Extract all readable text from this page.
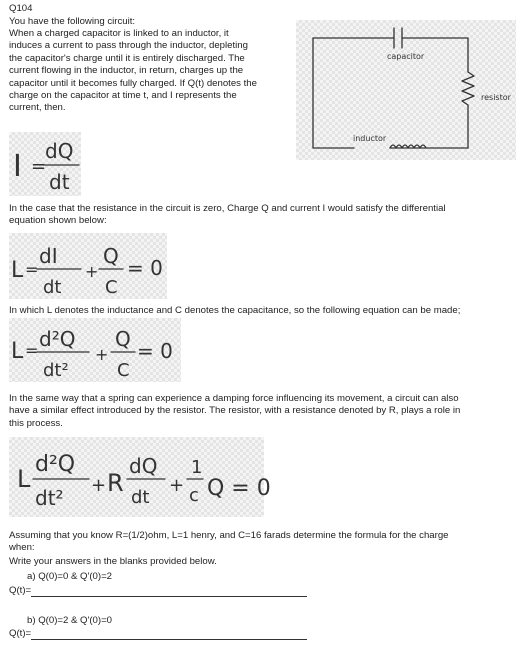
Q104
You have the following circuit:

When a charged capacitor is linked to an inductor, it

induces a current to pass through the inductor, depleting

the capacitor's charge until it is entirely discharged. The

current flowing in the inductor, in return, charges up the

capacitor until it becomes fully charged. If Q(t) denotes the

charge on the capacitor at time t, and I represents the

current, then.

capacitor
resistor
inductor
I =
dQ
dt

In the case that the resistance in the circuit is zero, Charge Q and current I would satisfy the differential

equation shown below:

L =
dI
dt
+
Q
C
= 0
In which L denotes the inductance and C denotes the capacitance, so the following equation can be made;
L = d²Q
dt²
+
Q
C
= 0

In the same way that a spring can experience a damping force influencing its movement, a circuit can also

have a similar effect introduced by the resistor. The resistor, with a resistance denoted by R, plays a role in

this process.

L
d²Q
dt²
+ R
dQ
dt
+
1
c Q = 0

Assuming that you know R=(1/2)ohm, L=1 henry, and C=16 farads determine the formula for the charge

when:

Write your answers in the blanks provided below.
a) Q(0)=0 & Q'(0)=2
Q(t)=
b) Q(0)=2 & Q'(0)=0
Q(t)=
